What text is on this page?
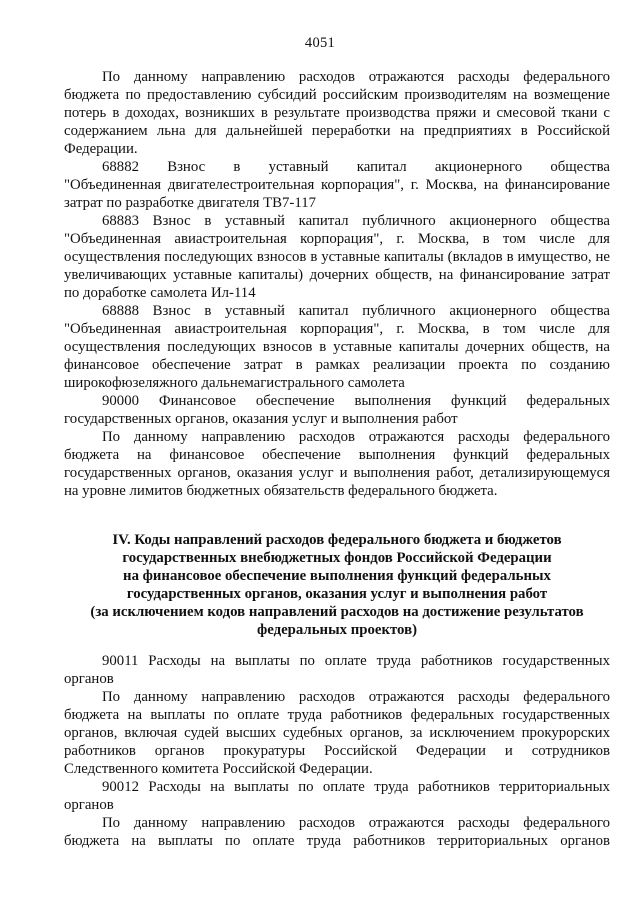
4051
По данному направлению расходов отражаются расходы федерального
бюджета по предоставлению субсидий российским производителям на возмещение
потерь в доходах, возникших в результате производства пряжи и смесовой ткани с
содержанием льна для дальнейшей переработки на предприятиях в Российской
Федерации.
68882 Взнос в уставный капитал акционерного общества
"Объединенная двигателестроительная корпорация", г. Москва, на финансирование
затрат по разработке двигателя ТВ7-117
68883 Взнос в уставный капитал публичного акционерного общества
"Объединенная авиастроительная корпорация", г. Москва, в том числе для
осуществления последующих взносов в уставные капиталы (вкладов в имущество, не
увеличивающих уставные капиталы) дочерних обществ, на финансирование затрат
по доработке самолета Ил-114
68888 Взнос в уставный капитал публичного акционерного общества
"Объединенная авиастроительная корпорация", г. Москва, в том числе для
осуществления последующих взносов в уставные капиталы дочерних обществ, на
финансовое обеспечение затрат в рамках реализации проекта по созданию
широкофюзеляжного дальнемагистрального самолета
90000 Финансовое обеспечение выполнения функций федеральных
государственных органов, оказания услуг и выполнения работ
По данному направлению расходов отражаются расходы федерального
бюджета на финансовое обеспечение выполнения функций федеральных
государственных органов, оказания услуг и выполнения работ, детализирующемуся
на уровне лимитов бюджетных обязательств федерального бюджета.
IV. Коды направлений расходов федерального бюджета и бюджетов
государственных внебюджетных фондов Российской Федерации
на финансовое обеспечение выполнения функций федеральных
государственных органов, оказания услуг и выполнения работ
(за исключением кодов направлений расходов на достижение результатов
федеральных проектов)
90011 Расходы на выплаты по оплате труда работников государственных
органов
По данному направлению расходов отражаются расходы федерального
бюджета на выплаты по оплате труда работников федеральных государственных
органов, включая судей высших судебных органов, за исключением прокурорских
работников органов прокуратуры Российской Федерации и сотрудников
Следственного комитета Российской Федерации.
90012 Расходы на выплаты по оплате труда работников территориальных
органов
По данному направлению расходов отражаются расходы федерального
бюджета на выплаты по оплате труда работников территориальных органов
